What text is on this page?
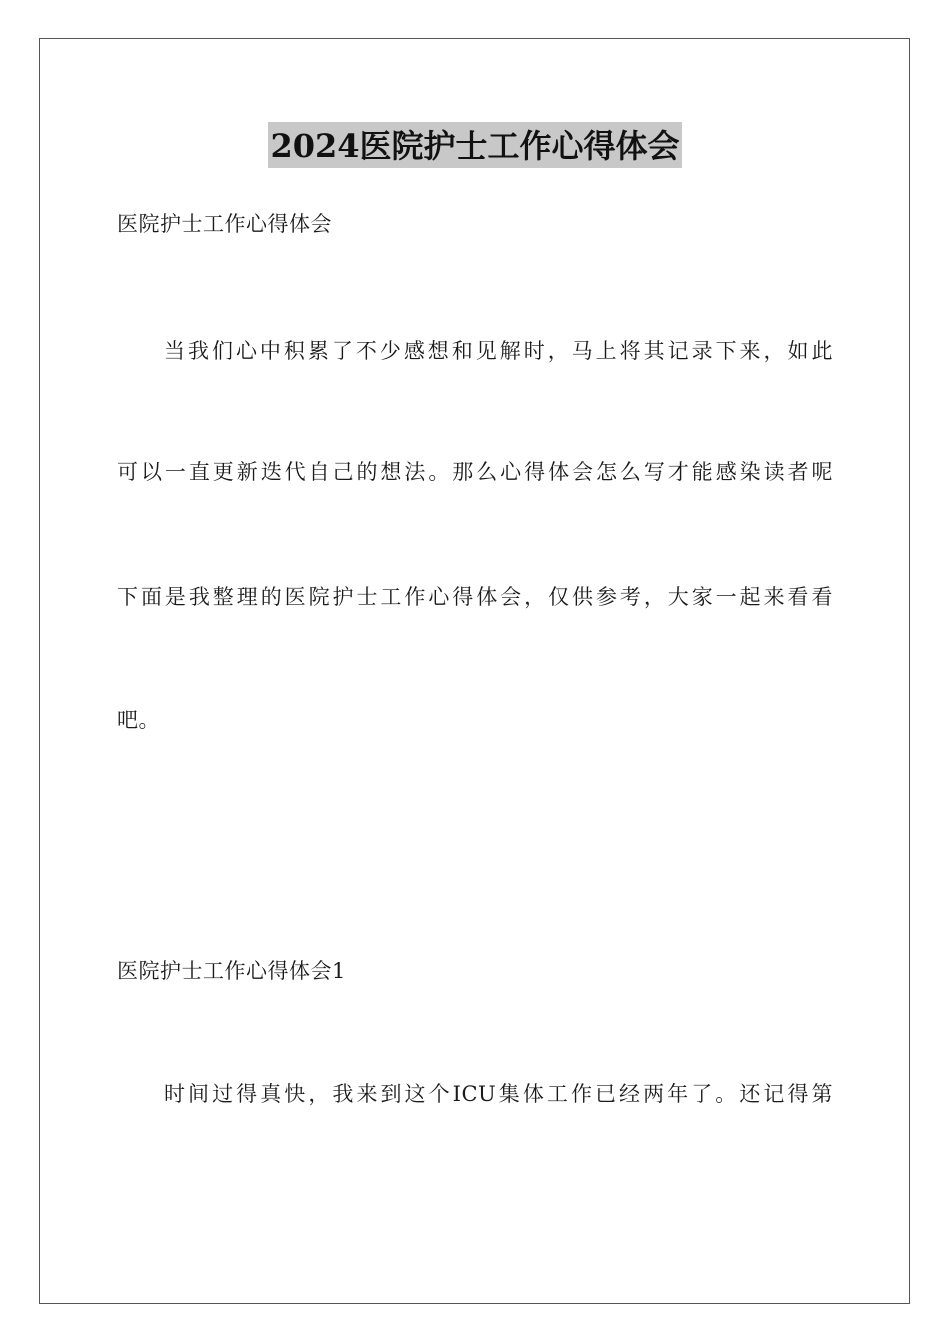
2024医院护士工作心得体会
医院护士工作心得体会
当我们心中积累了不少感想和见解时，马上将其记录下来，如此
可以一直更新迭代自己的想法。那么心得体会怎么写才能感染读者呢
下面是我整理的医院护士工作心得体会，仅供参考，大家一起来看看
吧。
医院护士工作心得体会1
时间过得真快，我来到这个ICU集体工作已经两年了。还记得第
